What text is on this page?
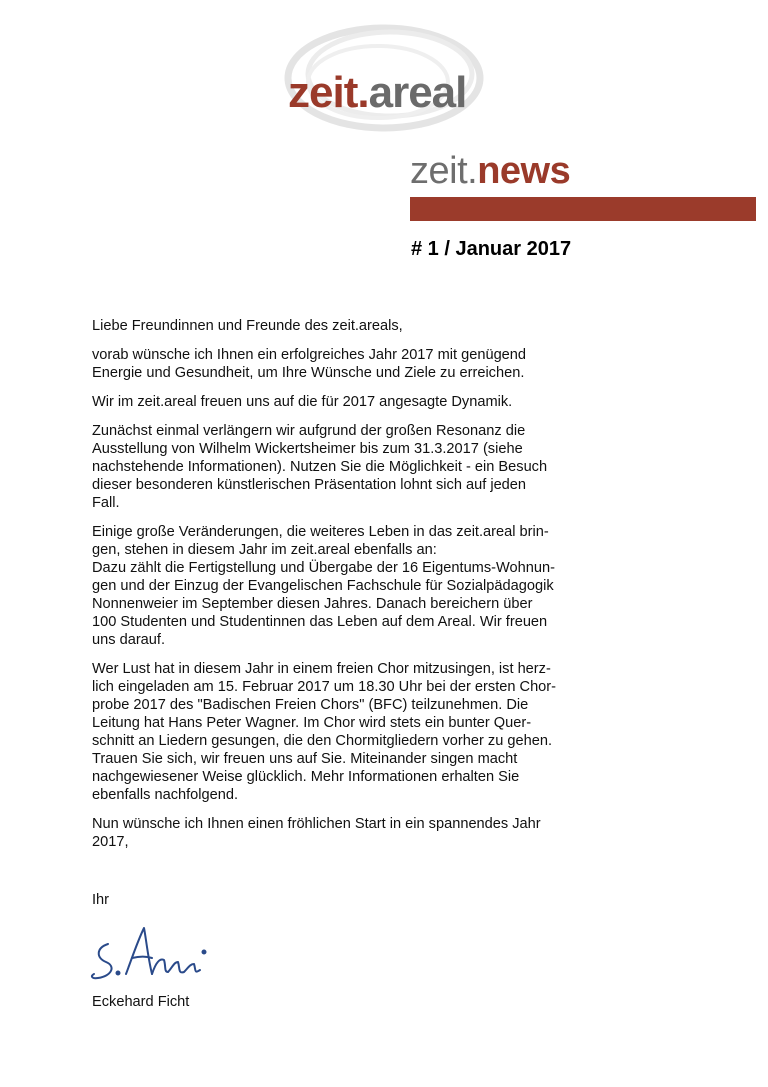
zeit.areal
zeit.news
# 1 / Januar 2017

Liebe Freundinnen und Freunde des zeit.areals,

vorab wünsche ich Ihnen ein erfolgreiches Jahr 2017 mit genügend
Energie und Gesundheit, um Ihre Wünsche und Ziele zu erreichen.

Wir im zeit.areal freuen uns auf die für 2017 angesagte Dynamik.

Zunächst einmal verlängern wir aufgrund der großen Resonanz die
Ausstellung von Wilhelm Wickertsheimer bis zum 31.3.2017 (siehe
nachstehende Informationen). Nutzen Sie die Möglichkeit - ein Besuch
dieser besonderen künstlerischen Präsentation lohnt sich auf jeden
Fall.

Einige große Veränderungen, die weiteres Leben in das zeit.areal brin-
gen, stehen in diesem Jahr im zeit.areal ebenfalls an:
Dazu zählt die Fertigstellung und Übergabe der 16 Eigentums-Wohnun-
gen und der Einzug der Evangelischen Fachschule für Sozialpädagogik
Nonnenweier im September diesen Jahres. Danach bereichern über
100 Studenten und Studentinnen das Leben auf dem Areal. Wir freuen
uns darauf.

Wer Lust hat in diesem Jahr in einem freien Chor mitzusingen, ist herz-
lich eingeladen am 15. Februar 2017 um 18.30 Uhr bei der ersten Chor-
probe 2017 des "Badischen Freien Chors" (BFC) teilzunehmen. Die
Leitung hat Hans Peter Wagner. Im Chor wird stets ein bunter Quer-
schnitt an Liedern gesungen, die den Chormitgliedern vorher zu gehen.
Trauen Sie sich, wir freuen uns auf Sie. Miteinander singen macht
nachgewiesener Weise glücklich. Mehr Informationen erhalten Sie
ebenfalls nachfolgend.

Nun wünsche ich Ihnen einen fröhlichen Start in ein spannendes Jahr
2017,

Ihr
Eckehard Ficht
